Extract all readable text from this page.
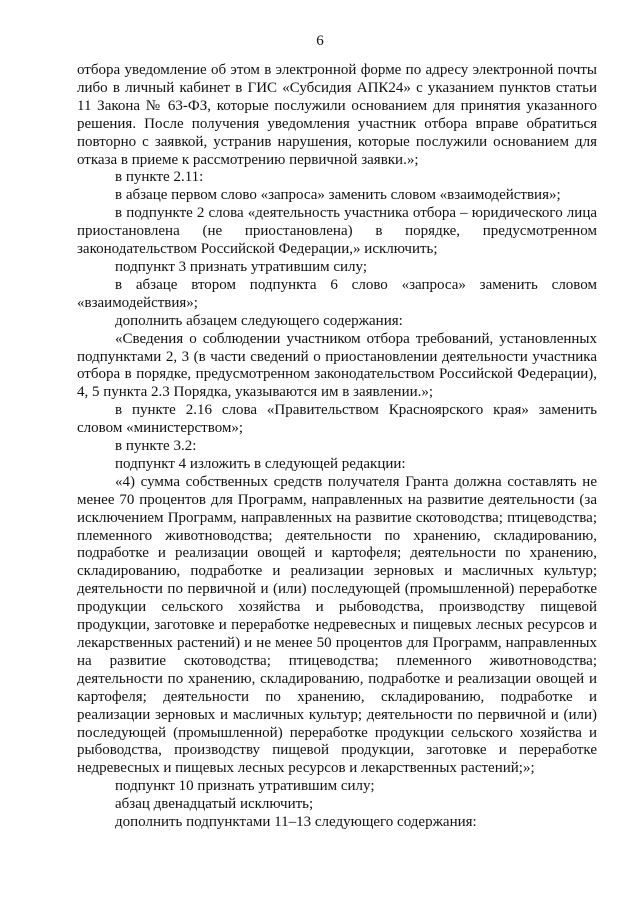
6

отбора уведомление об этом в электронной форме по адресу электронной почты либо в личный кабинет в ГИС «Субсидия АПК24» с указанием пунктов статьи 11 Закона № 63-ФЗ, которые послужили основанием для принятия указанного решения. После получения уведомления участник отбора вправе обратиться повторно с заявкой, устранив нарушения, которые послужили основанием для отказа в приеме к рассмотрению первичной заявки.»;

в пункте 2.11:

в абзаце первом слово «запроса» заменить словом «взаимодействия»;

в подпункте 2 слова «деятельность участника отбора – юридического лица приостановлена (не приостановлена) в порядке, предусмотренном законодательством Российской Федерации,» исключить;

подпункт 3 признать утратившим силу;

в абзаце втором подпункта 6 слово «запроса» заменить словом «взаимодействия»;

дополнить абзацем следующего содержания:

«Сведения о соблюдении участником отбора требований, установленных подпунктами 2, 3 (в части сведений о приостановлении деятельности участника отбора в порядке, предусмотренном законодательством Российской Федерации), 4, 5 пункта 2.3 Порядка, указываются им в заявлении.»;

в пункте 2.16 слова «Правительством Красноярского края» заменить словом «министерством»;

в пункте 3.2:

подпункт 4 изложить в следующей редакции:

«4) сумма собственных средств получателя Гранта должна составлять не менее 70 процентов для Программ, направленных на развитие деятельности (за исключением Программ, направленных на развитие скотоводства; птицеводства; племенного животноводства; деятельности по хранению, складированию, подработке и реализации овощей и картофеля; деятельности по хранению, складированию, подработке и реализации зерновых и масличных культур; деятельности по первичной и (или) последующей (промышленной) переработке продукции сельского хозяйства и рыбоводства, производству пищевой продукции, заготовке и переработке недревесных и пищевых лесных ресурсов и лекарственных растений) и не менее 50 процентов для Программ, направленных на развитие скотоводства; птицеводства; племенного животноводства; деятельности по хранению, складированию, подработке и реализации овощей и картофеля; деятельности по хранению, складированию, подработке и реализации зерновых и масличных культур; деятельности по первичной и (или) последующей (промышленной) переработке продукции сельского хозяйства и рыбоводства, производству пищевой продукции, заготовке и переработке недревесных и пищевых лесных ресурсов и лекарственных растений;»;

подпункт 10 признать утратившим силу;

абзац двенадцатый исключить;

дополнить подпунктами 11–13 следующего содержания:
